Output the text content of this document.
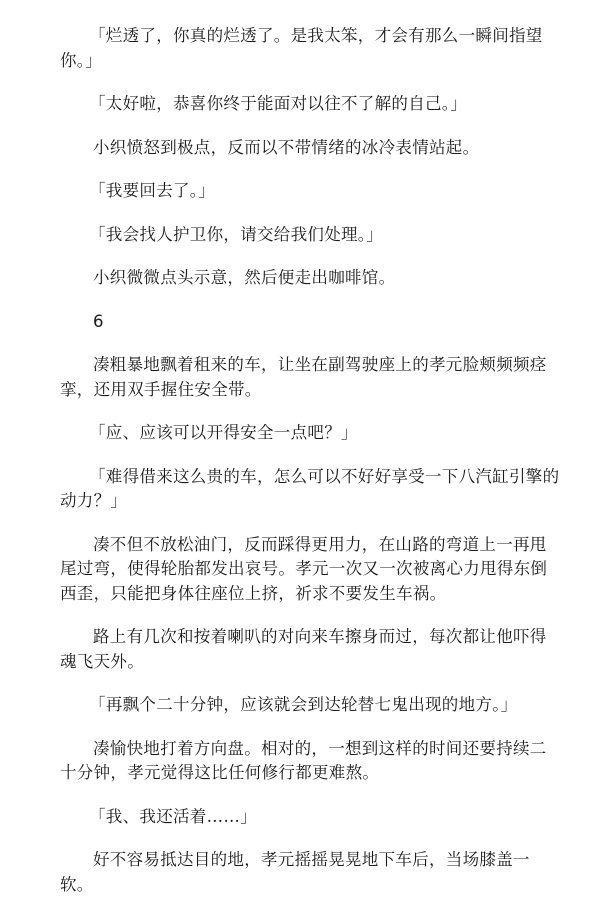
「烂透了，你真的烂透了。是我太笨，才会有那么一瞬间指望你。」

「太好啦，恭喜你终于能面对以往不了解的自己。」

小织愤怒到极点，反而以不带情绪的冰冷表情站起。

「我要回去了。」

「我会找人护卫你，请交给我们处理。」

小织微微点头示意，然后便走出咖啡馆。

6

凑粗暴地飘着租来的车，让坐在副驾驶座上的孝元脸颊频频痉挛，还用双手握住安全带。

「应、应该可以开得安全一点吧？」

「难得借来这么贵的车，怎么可以不好好享受一下八汽缸引擎的动力？」

凑不但不放松油门，反而踩得更用力，在山路的弯道上一再甩尾过弯，使得轮胎都发出哀号。孝元一次又一次被离心力甩得东倒西歪，只能把身体往座位上挤，祈求不要发生车祸。

路上有几次和按着喇叭的对向来车擦身而过，每次都让他吓得魂飞天外。

「再飘个二十分钟，应该就会到达轮替七鬼出现的地方。」

凑愉快地打着方向盘。相对的，一想到这样的时间还要持续二十分钟，孝元觉得这比任何修行都更难熬。

「我、我还活着……」

好不容易抵达目的地，孝元摇摇晃晃地下车后，当场膝盖一软。
